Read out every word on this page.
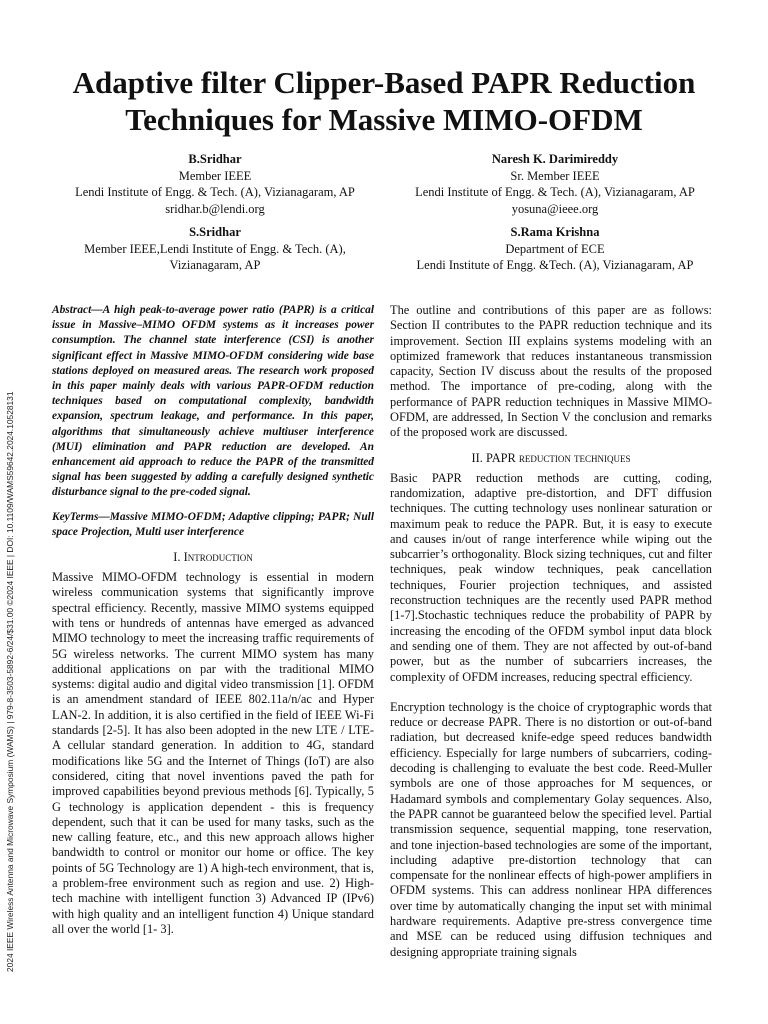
2024 IEEE Wireless Antenna and Microwave Symposium (WAMS) | 979-8-3503-5892-6/24/$31.00 ©2024 IEEE | DOI: 10.1109/WAMS59642.2024.10528131
Adaptive filter Clipper-Based PAPR Reduction
Techniques for Massive MIMO-OFDM
B.Sridhar
Member IEEE
Lendi Institute of Engg. & Tech. (A), Vizianagaram, AP
sridhar.b@lendi.org
Naresh K. Darimireddy
Sr. Member IEEE
Lendi Institute of Engg. & Tech. (A), Vizianagaram, AP
yosuna@ieee.org
S.Sridhar
Member IEEE,Lendi Institute of Engg. & Tech. (A),
Vizianagaram, AP
S.Rama Krishna
Department of ECE
Lendi Institute of Engg. &Tech. (A), Vizianagaram, AP

Abstract—A high peak-to-average power ratio (PAPR) is a critical issue in Massive–MIMO OFDM systems as it increases power consumption. The channel state interference (CSI) is another significant effect in Massive MIMO-OFDM considering wide base stations deployed on measured areas. The research work proposed in this paper mainly deals with various PAPR-OFDM reduction techniques based on computational complexity, bandwidth expansion, spectrum leakage, and performance. In this paper, algorithms that simultaneously achieve multiuser interference (MUI) elimination and PAPR reduction are developed. An enhancement aid approach to reduce the PAPR of the transmitted signal has been suggested by adding a carefully designed synthetic disturbance signal to the pre-coded signal.

KeyTerms—Massive MIMO-OFDM; Adaptive clipping; PAPR; Null space Projection, Multi user interference

I. Introduction

Massive MIMO-OFDM technology is essential in modern wireless communication systems that significantly improve spectral efficiency. Recently, massive MIMO systems equipped with tens or hundreds of antennas have emerged as advanced MIMO technology to meet the increasing traffic requirements of 5G wireless networks. The current MIMO system has many additional applications on par with the traditional MIMO systems: digital audio and digital video transmission [1]. OFDM is an amendment standard of IEEE 802.11a/n/ac and Hyper LAN-2. In addition, it is also certified in the field of IEEE Wi-Fi standards [2-5]. It has also been adopted in the new LTE / LTE-A cellular standard generation. In addition to 4G, standard modifications like 5G and the Internet of Things (IoT) are also considered, citing that novel inventions paved the path for improved capabilities beyond previous methods [6]. Typically, 5 G technology is application dependent - this is frequency dependent, such that it can be used for many tasks, such as the new calling feature, etc., and this new approach allows higher bandwidth to control or monitor our home or office. The key points of 5G Technology are 1) A high-tech environment, that is, a problem-free environment such as region and use. 2) High-tech machine with intelligent function 3) Advanced IP (IPv6) with high quality and an intelligent function 4) Unique standard all over the world [1- 3].

The outline and contributions of this paper are as follows: Section II contributes to the PAPR reduction technique and its improvement. Section III explains systems modeling with an optimized framework that reduces instantaneous transmission capacity, Section IV discuss about the results of the proposed method. The importance of pre-coding, along with the performance of PAPR reduction techniques in Massive MIMO-OFDM, are addressed, In Section V the conclusion and remarks of the proposed work are discussed.

II. PAPR reduction techniques

Basic PAPR reduction methods are cutting, coding, randomization, adaptive pre-distortion, and DFT diffusion techniques. The cutting technology uses nonlinear saturation or maximum peak to reduce the PAPR. But, it is easy to execute and causes in/out of range interference while wiping out the subcarrier’s orthogonality. Block sizing techniques, cut and filter techniques, peak window techniques, peak cancellation techniques, Fourier projection techniques, and assisted reconstruction techniques are the recently used PAPR method [1-7].Stochastic techniques reduce the probability of PAPR by increasing the encoding of the OFDM symbol input data block and sending one of them. They are not affected by out-of-band power, but as the number of subcarriers increases, the complexity of OFDM increases, reducing spectral efficiency.

Encryption technology is the choice of cryptographic words that reduce or decrease PAPR. There is no distortion or out-of-band radiation, but decreased knife-edge speed reduces bandwidth efficiency. Especially for large numbers of subcarriers, coding-decoding is challenging to evaluate the best code. Reed-Muller symbols are one of those approaches for M sequences, or Hadamard symbols and complementary Golay sequences. Also, the PAPR cannot be guaranteed below the specified level. Partial transmission sequence, sequential mapping, tone reservation, and tone injection-based technologies are some of the important, including adaptive pre-distortion technology that can compensate for the nonlinear effects of high-power amplifiers in OFDM systems. This can address nonlinear HPA differences over time by automatically changing the input set with minimal hardware requirements. Adaptive pre-stress convergence time and MSE can be reduced using diffusion techniques and designing appropriate training signals
